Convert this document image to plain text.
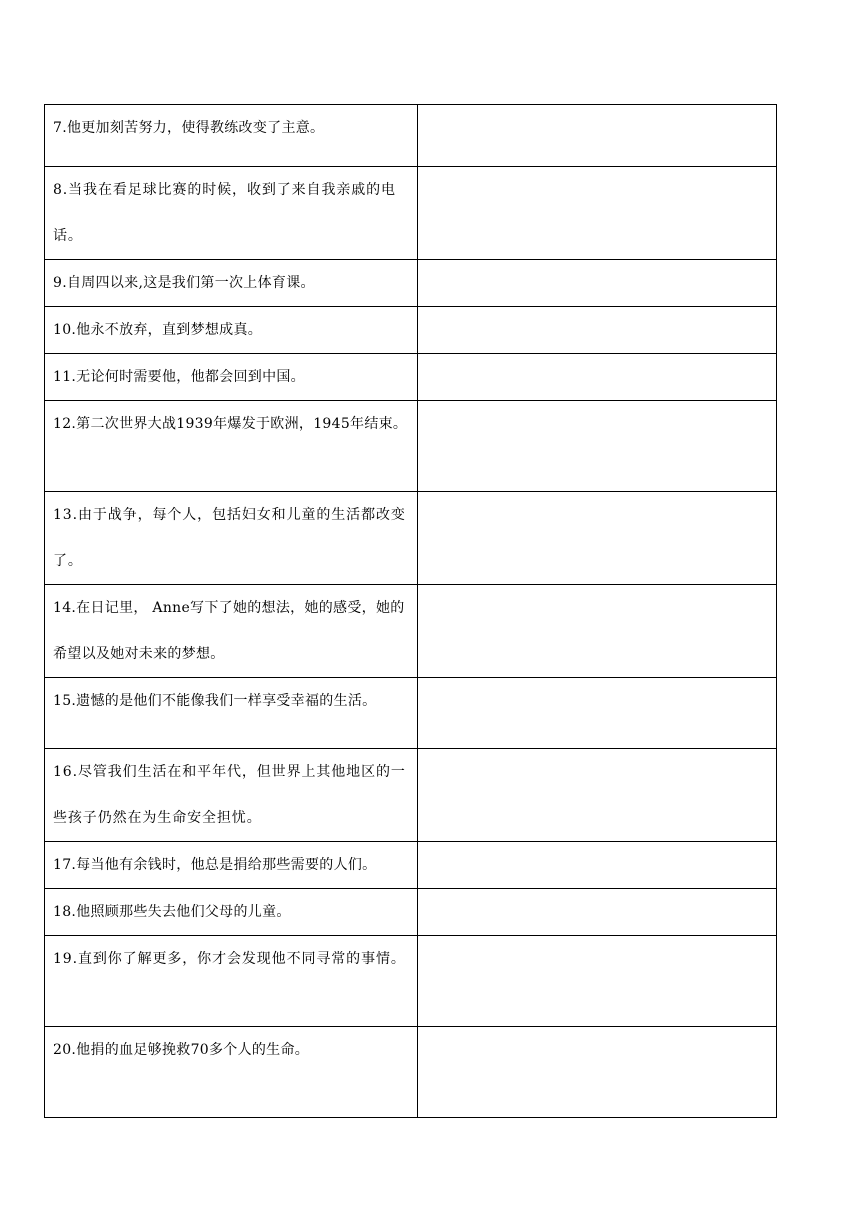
7.他更加刻苦努力，使得教练改变了主意。	

8.当我在看足球比赛的时候，收到了来自我亲戚的电话。	

9.自周四以来,这是我们第一次上体育课。	

10.他永不放弃，直到梦想成真。	

11.无论何时需要他，他都会回到中国。	

12.第二次世界大战1939年爆发于欧洲，1945年结束。	

13.由于战争，每个人，包括妇女和儿童的生活都改变了。	

14.在日记里， Anne写下了她的想法，她的感受，她的希望以及她对未来的梦想。	

15.遗憾的是他们不能像我们一样享受幸福的生活。	

16.尽管我们生活在和平年代，但世界上其他地区的一些孩子仍然在为生命安全担忧。	

17.每当他有余钱时，他总是捐给那些需要的人们。	

18.他照顾那些失去他们父母的儿童。	

19.直到你了解更多，你才会发现他不同寻常的事情。	

20.他捐的血足够挽救70多个人的生命。	
